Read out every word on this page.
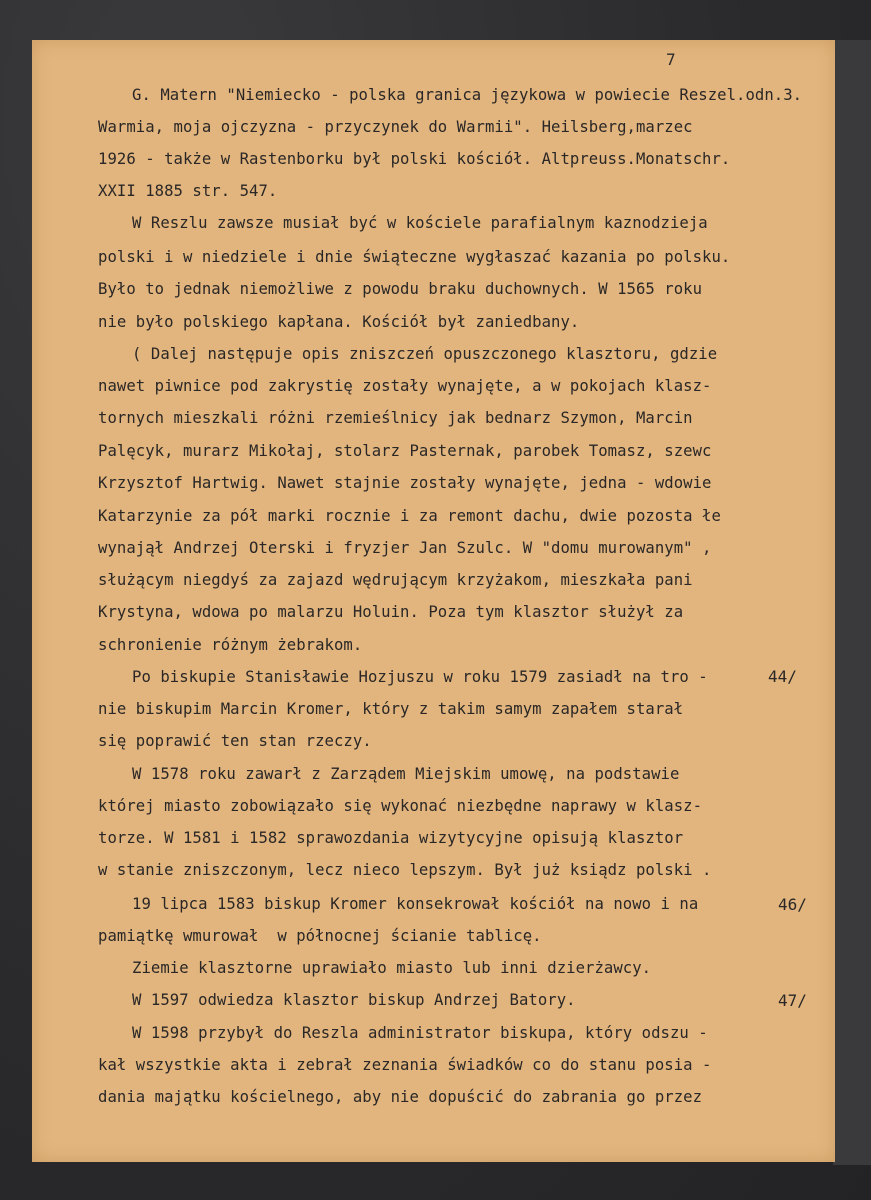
7
G. Matern "Niemiecko - polska granica językowa w powiecie Reszel.odn.3.
Warmia, moja ojczyzna - przyczynek do Warmii". Heilsberg,marzec
1926 - także w Rastenborku był polski kościół. Altpreuss.Monatschr.
XXII 1885 str. 547.
W Reszlu zawsze musiał być w kościele parafialnym kaznodzieja
polski i w niedziele i dnie świąteczne wygłaszać kazania po polsku.
Było to jednak niemożliwe z powodu braku duchownych. W 1565 roku
nie było polskiego kapłana. Kościół był zaniedbany.
( Dalej następuje opis zniszczeń opuszczonego klasztoru, gdzie
nawet piwnice pod zakrystię zostały wynajęte, a w pokojach klasz-
tornych mieszkali różni rzemieślnicy jak bednarz Szymon, Marcin
Palęcyk, murarz Mikołaj, stolarz Pasternak, parobek Tomasz, szewc
Krzysztof Hartwig. Nawet stajnie zostały wynajęte, jedna - wdowie
Katarzynie za pół marki rocznie i za remont dachu, dwie pozosta łe
wynajął Andrzej Oterski i fryzjer Jan Szulc. W "domu murowanym" ,
służącym niegdyś za zajazd wędrującym krzyżakom, mieszkała pani
Krystyna, wdowa po malarzu Holuin. Poza tym klasztor służył za
schronienie różnym żebrakom.
Po biskupie Stanisławie Hozjuszu w roku 1579 zasiadł na tro -
nie biskupim Marcin Kromer, który z takim samym zapałem starał
się poprawić ten stan rzeczy.
W 1578 roku zawarł z Zarządem Miejskim umowę, na podstawie
której miasto zobowiązało się wykonać niezbędne naprawy w klasz-
torze. W 1581 i 1582 sprawozdania wizytycyjne opisują klasztor
w stanie zniszczonym, lecz nieco lepszym. Był już ksiądz polski .
19 lipca 1583 biskup Kromer konsekrował kościół na nowo i na
pamiątkę wmurował  w północnej ścianie tablicę.
Ziemie klasztorne uprawiało miasto lub inni dzierżawcy.
W 1597 odwiedza klasztor biskup Andrzej Batory.
W 1598 przybył do Reszla administrator biskupa, który odszu -
kał wszystkie akta i zebrał zeznania świadków co do stanu posia -
dania majątku kościelnego, aby nie dopuścić do zabrania go przez
44/
46/
47/
